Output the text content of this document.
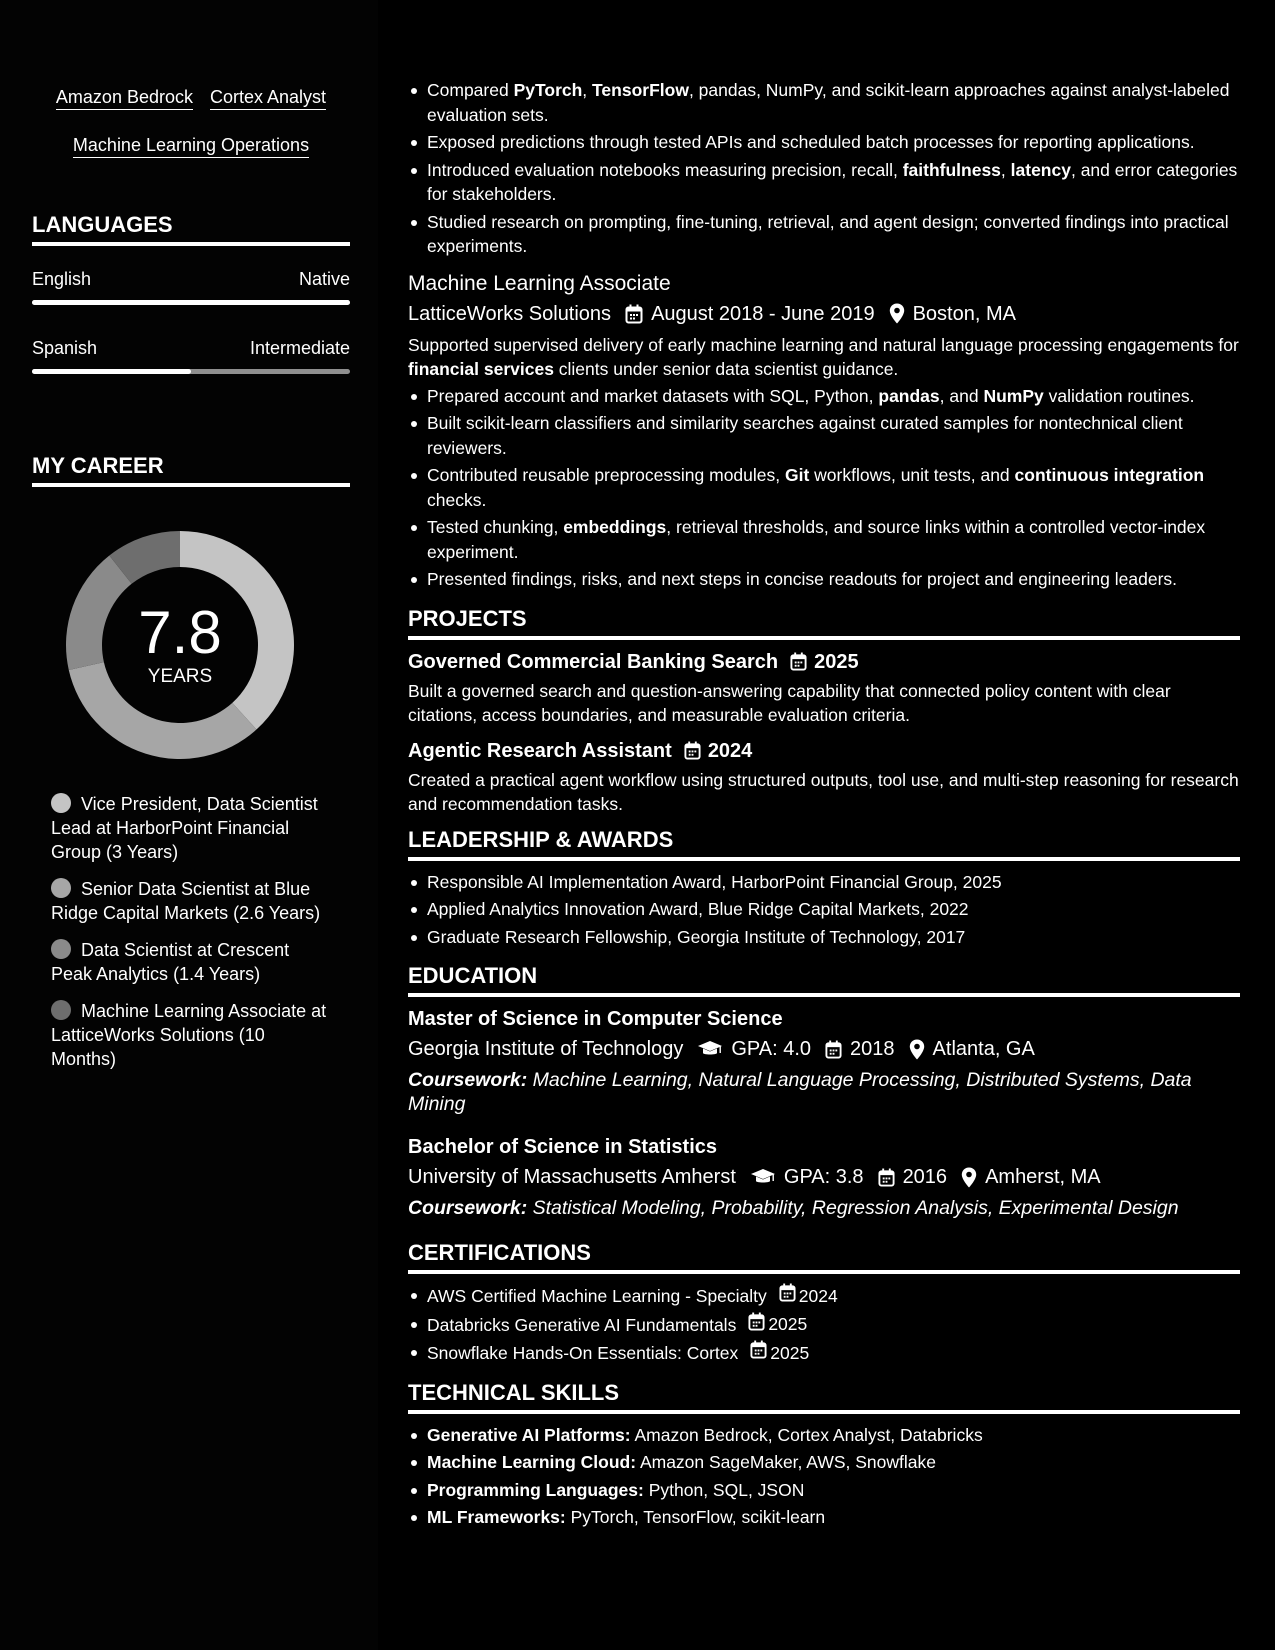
Amazon Bedrock Cortex Analyst
Machine Learning Operations
LANGUAGES
English	Native
Spanish	Intermediate
MY CAREER
7.8
YEARS
Vice President, Data Scientist Lead at HarborPoint Financial Group (3 Years)
Senior Data Scientist at Blue Ridge Capital Markets (2.6 Years)
Data Scientist at Crescent Peak Analytics (1.4 Years)
Machine Learning Associate at LatticeWorks Solutions (10 Months)
Compared PyTorch, TensorFlow, pandas, NumPy, and scikit-learn approaches against analyst-labeled evaluation sets.
Exposed predictions through tested APIs and scheduled batch processes for reporting applications.
Introduced evaluation notebooks measuring precision, recall, faithfulness, latency, and error categories for stakeholders.
Studied research on prompting, fine-tuning, retrieval, and agent design; converted findings into practical experiments.
Machine Learning Associate
LatticeWorks Solutions August 2018 - June 2019 Boston, MA
Supported supervised delivery of early machine learning and natural language processing engagements for financial services clients under senior data scientist guidance.
Prepared account and market datasets with SQL, Python, pandas, and NumPy validation routines.
Built scikit-learn classifiers and similarity searches against curated samples for nontechnical client reviewers.
Contributed reusable preprocessing modules, Git workflows, unit tests, and continuous integration checks.
Tested chunking, embeddings, retrieval thresholds, and source links within a controlled vector-index experiment.
Presented findings, risks, and next steps in concise readouts for project and engineering leaders.
PROJECTS
Governed Commercial Banking Search 2025
Built a governed search and question-answering capability that connected policy content with clear citations, access boundaries, and measurable evaluation criteria.
Agentic Research Assistant 2024
Created a practical agent workflow using structured outputs, tool use, and multi-step reasoning for research and recommendation tasks.
LEADERSHIP & AWARDS
Responsible AI Implementation Award, HarborPoint Financial Group, 2025
Applied Analytics Innovation Award, Blue Ridge Capital Markets, 2022
Graduate Research Fellowship, Georgia Institute of Technology, 2017
EDUCATION
Master of Science in Computer Science
Georgia Institute of Technology GPA: 4.0 2018 Atlanta, GA
Coursework: Machine Learning, Natural Language Processing, Distributed Systems, Data Mining
Bachelor of Science in Statistics
University of Massachusetts Amherst GPA: 3.8 2016 Amherst, MA
Coursework: Statistical Modeling, Probability, Regression Analysis, Experimental Design
CERTIFICATIONS
AWS Certified Machine Learning - Specialty 2024
Databricks Generative AI Fundamentals 2025
Snowflake Hands-On Essentials: Cortex 2025
TECHNICAL SKILLS
Generative AI Platforms: Amazon Bedrock, Cortex Analyst, Databricks
Machine Learning Cloud: Amazon SageMaker, AWS, Snowflake
Programming Languages: Python, SQL, JSON
ML Frameworks: PyTorch, TensorFlow, scikit-learn
